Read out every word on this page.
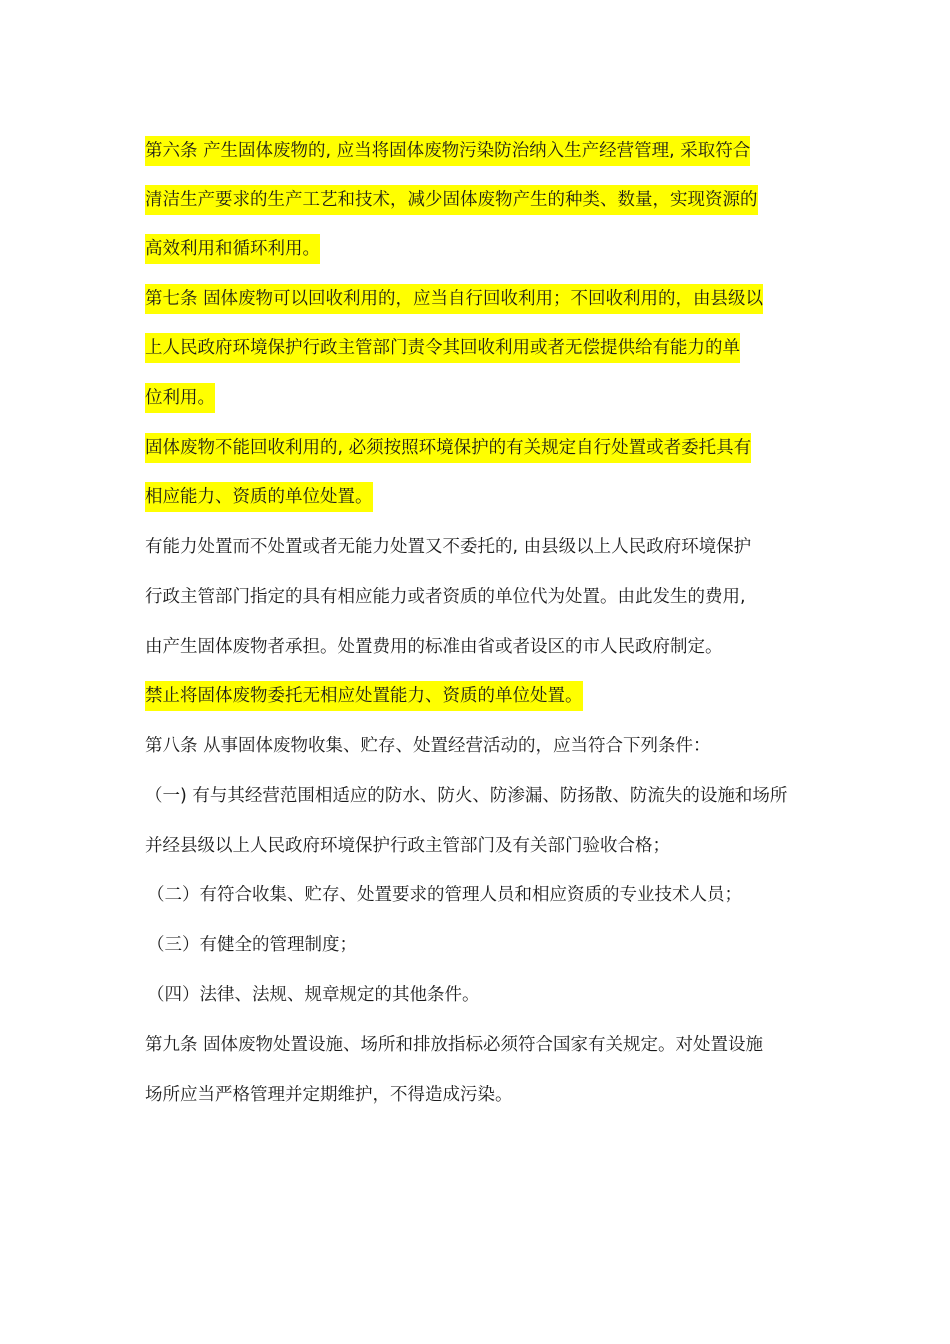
第六条 产生固体废物的, 应当将固体废物污染防治纳入生产经营管理, 采取符合
清洁生产要求的生产工艺和技术，减少固体废物产生的种类、数量，实现资源的
高效利用和循环利用。
第七条 固体废物可以回收利用的，应当自行回收利用；不回收利用的，由县级以
上人民政府环境保护行政主管部门责令其回收利用或者无偿提供给有能力的单
位利用。
固体废物不能回收利用的, 必须按照环境保护的有关规定自行处置或者委托具有
相应能力、资质的单位处置。
有能力处置而不处置或者无能力处置又不委托的, 由县级以上人民政府环境保护
行政主管部门指定的具有相应能力或者资质的单位代为处置。由此发生的费用,
由产生固体废物者承担。处置费用的标准由省或者设区的市人民政府制定。
禁止将固体废物委托无相应处置能力、资质的单位处置。
第八条 从事固体废物收集、贮存、处置经营活动的，应当符合下列条件：
（一) 有与其经营范围相适应的防水、防火、防渗漏、防扬散、防流失的设施和场所
并经县级以上人民政府环境保护行政主管部门及有关部门验收合格；
（二）有符合收集、贮存、处置要求的管理人员和相应资质的专业技术人员；
（三）有健全的管理制度；
（四）法律、法规、规章规定的其他条件。
第九条 固体废物处置设施、场所和排放指标必须符合国家有关规定。对处置设施
场所应当严格管理并定期维护，不得造成污染。
